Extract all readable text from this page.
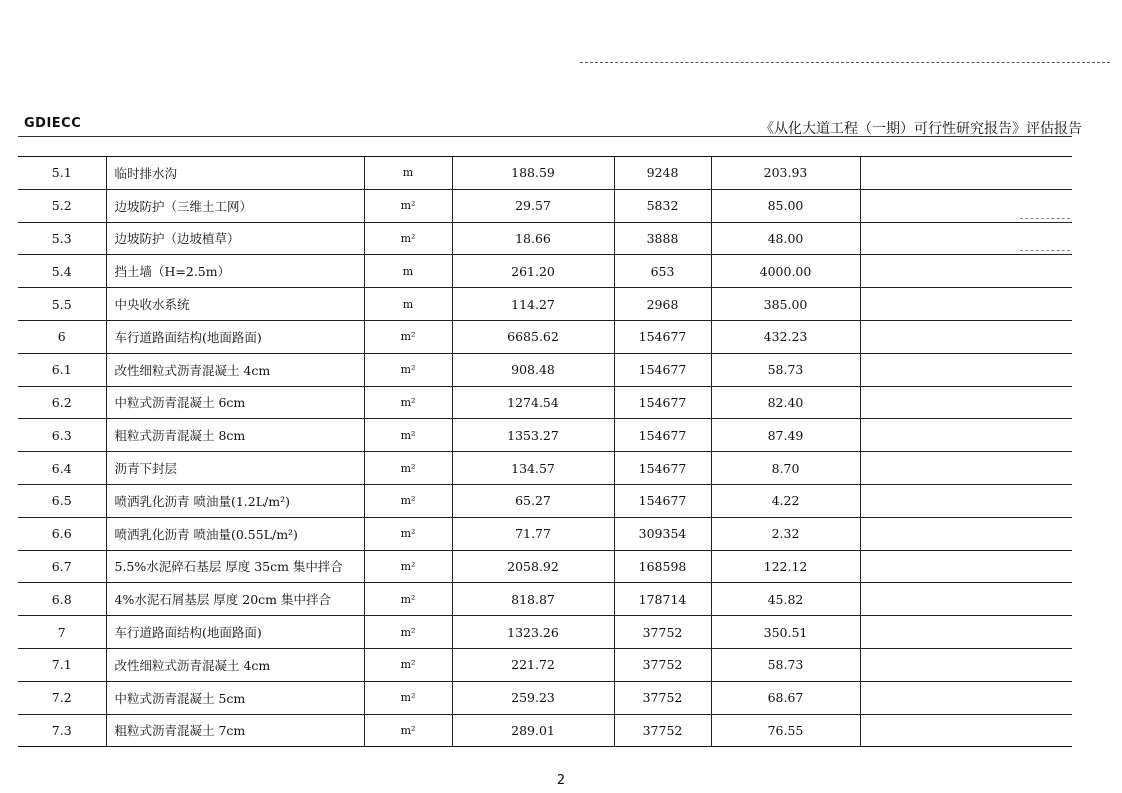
GDIECC	《从化大道工程（一期）可行性研究报告》评估报告
5.1	临时排水沟	m	188.59	9248	203.93	
5.2	边坡防护（三维土工网）	m²	29.57	5832	85.00	
5.3	边坡防护（边坡植草）	m²	18.66	3888	48.00	
5.4	挡土墙（H=2.5m）	m	261.20	653	4000.00	
5.5	中央收水系统	m	114.27	2968	385.00	
6	车行道路面结构(地面路面)	m²	6685.62	154677	432.23	
6.1	改性细粒式沥青混凝土 4cm	m²	908.48	154677	58.73	
6.2	中粒式沥青混凝土 6cm	m²	1274.54	154677	82.40	
6.3	粗粒式沥青混凝土 8cm	m²	1353.27	154677	87.49	
6.4	沥青下封层	m²	134.57	154677	8.70	
6.5	喷洒乳化沥青 喷油量(1.2L/m²)	m²	65.27	154677	4.22	
6.6	喷洒乳化沥青 喷油量(0.55L/m²)	m²	71.77	309354	2.32	
6.7	5.5%水泥碎石基层 厚度 35cm 集中拌合	m²	2058.92	168598	122.12	
6.8	4%水泥石屑基层 厚度 20cm 集中拌合	m²	818.87	178714	45.82	
7	车行道路面结构(地面路面)	m²	1323.26	37752	350.51	
7.1	改性细粒式沥青混凝土 4cm	m²	221.72	37752	58.73	
7.2	中粒式沥青混凝土 5cm	m²	259.23	37752	68.67	
7.3	粗粒式沥青混凝土 7cm	m²	289.01	37752	76.55	
2
